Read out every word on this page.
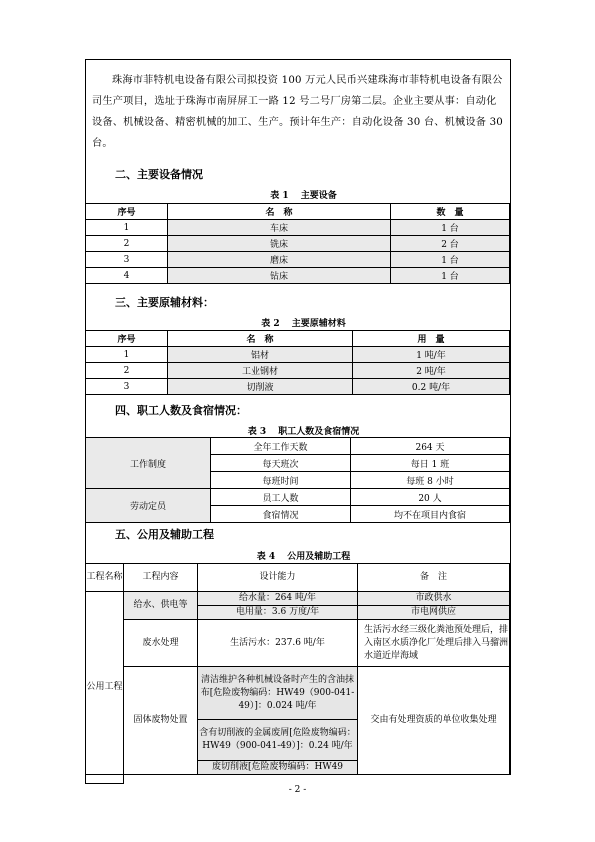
珠海市菲特机电设备有限公司拟投资 100 万元人民币兴建珠海市菲特机电设备有限公司生产项目，选址于珠海市南屏屏工一路 12 号二号厂房第二层。企业主要从事：自动化设备、机械设备、精密机械的加工、生产。预计年生产：自动化设备 30 台、机械设备 30 台。
二、主要设备情况
表 1 主要设备
序号	名　称	数　量
1	车床	1 台
2	铣床	2 台
3	磨床	1 台
4	钻床	1 台
三、主要原辅材料：
表 2 主要原辅材料
序号	名　称	用　量
1	铝材	1 吨/年
2	工业钢材	2 吨/年
3	切削液	0.2 吨/年
四、职工人数及食宿情况：
表 3 职工人数及食宿情况
工作制度	全年工作天数	264 天
	每天班次	每日 1 班
	每班时间	每班 8 小时
劳动定员	员工人数	20 人
	食宿情况	均不在项目内食宿
五、公用及辅助工程
表 4 公用及辅助工程
工程名称	工程内容	设计能力	备　注
公用工程	给水、供电等	给水量：264 吨/年	市政供水
		电用量：3.6 万度/年	市电网供应
	废水处理	生活污水：237.6 吨/年	生活污水经三级化粪池预处理后，排入南区水质净化厂处理后排入马骝洲水道近岸海域
	固体废物处置	清洁维护各种机械设备时产生的含油抹布[危险废物编码：HW49（900-041-49）]：0.024 吨/年	交由有处理资质的单位收集处理
		含有切削液的金属废屑[危险废物编码：HW49（900-041-49）]：0.24 吨/年	
		废切削液[危险废物编码：HW49	

- 2 -
